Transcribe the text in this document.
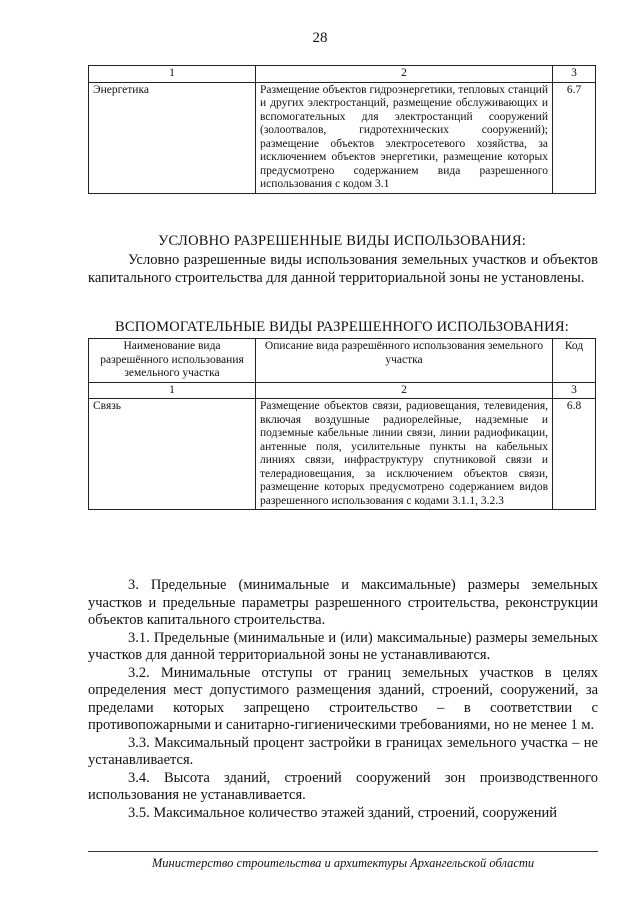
28
1	2	3
Энергетика	Размещение объектов гидроэнергетики, тепловых станций и других электростанций, размещение обслуживающих и вспомогательных для электростанций сооружений (золоотвалов, гидротехнических сооружений); размещение объектов электросетевого хозяйства, за исключением объектов энергетики, размещение которых предусмотрено содержанием вида разрешенного использования с кодом 3.1	6.7
УСЛОВНО РАЗРЕШЕННЫЕ ВИДЫ ИСПОЛЬЗОВАНИЯ:

Условно разрешенные виды использования земельных участков и объектов капитального строительства для данной территориальной зоны не установлены.

ВСПОМОГАТЕЛЬНЫЕ ВИДЫ РАЗРЕШЕННОГО ИСПОЛЬЗОВАНИЯ:
Наименование вида разрешённого использования земельного участка	Описание вида разрешённого использования земельного участка	Код
1	2	3
Связь	Размещение объектов связи, радиовещания, телевидения, включая воздушные радиорелейные, надземные и подземные кабельные линии связи, линии радиофикации, антенные поля, усилительные пункты на кабельных линиях связи, инфраструктуру спутниковой связи и телерадиовещания, за исключением объектов связи, размещение которых предусмотрено содержанием видов разрешенного использования с кодами 3.1.1, 3.2.3	6.8

3. Предельные (минимальные и максимальные) размеры земельных участков и предельные параметры разрешенного строительства, реконструкции объектов капитального строительства.

3.1. Предельные (минимальные и (или) максимальные) размеры земельных участков для данной территориальной зоны не устанавливаются.

3.2. Минимальные отступы от границ земельных участков в целях определения мест допустимого размещения зданий, строений, сооружений, за пределами которых запрещено строительство – в соответствии с противопожарными и санитарно-гигиеническими требованиями, но не менее 1 м.

3.3. Максимальный процент застройки в границах земельного участка – не устанавливается.

3.4. Высота зданий, строений сооружений зон производственного использования не устанавливается.

3.5. Максимальное количество этажей зданий, строений, сооружений

Министерство строительства и архитектуры Архангельской области
